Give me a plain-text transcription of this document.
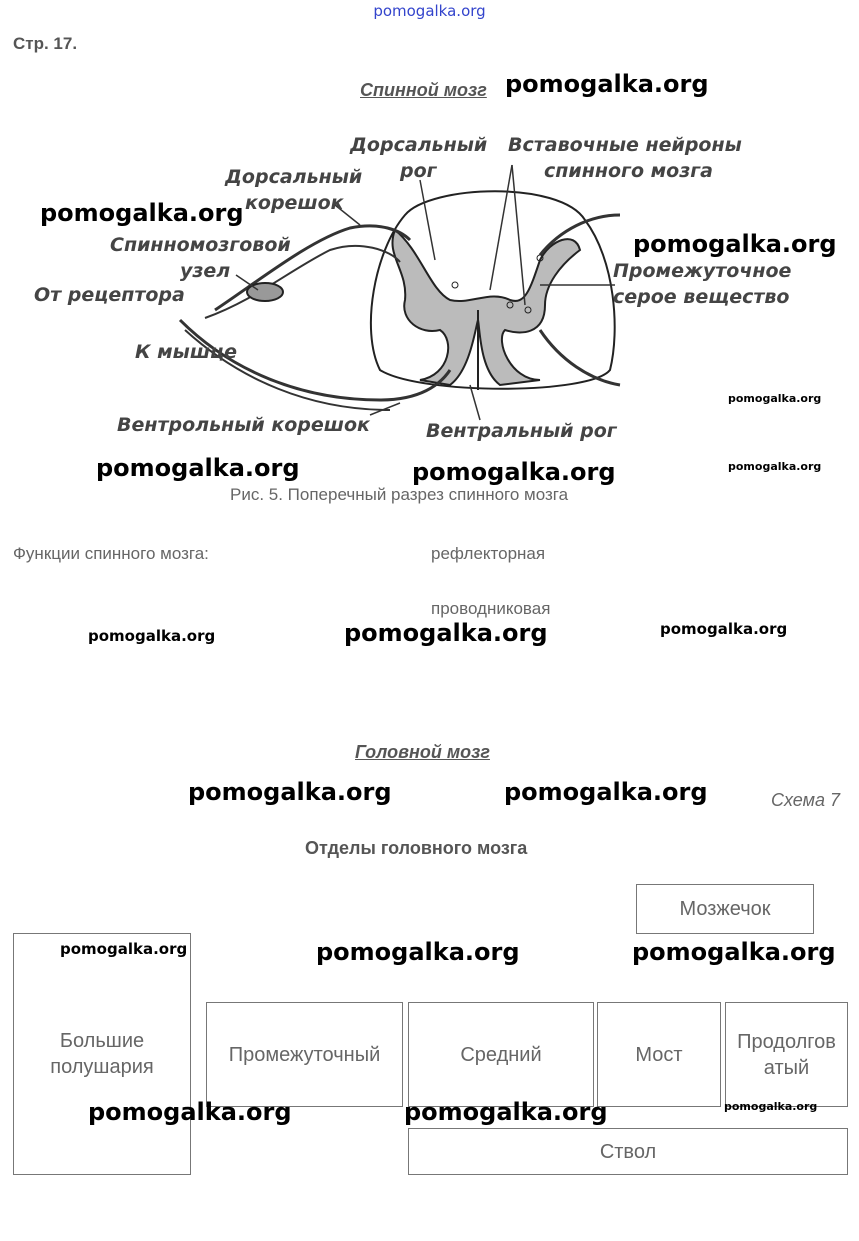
pomogalka.org
Стр. 17.
Спинной мозг
Дорсальный
рог
Вставочные нейроны
спинного мозга
Дорсальный
корешок
Спинномозговой
узел
От рецептора
Промежуточное
серое вещество
К мышце
Вентрольный корешок	Вентральный рог
Рис. 5. Поперечный разрез спинного мозга
Функции спинного мозга:	рефлекторная
проводниковая
Головной мозг
Схема 7
Отделы головного мозга
Мозжечок
Большие полушария
Промежуточный	Средний	Мост
Продолговатый
Ствол
pomogalka.org
pomogalka.org
pomogalka.org
pomogalka.org
pomogalka.org	pomogalka.org	pomogalka.org
pomogalka.org	pomogalka.org	pomogalka.org
pomogalka.org	pomogalka.org
pomogalka.org	pomogalka.org	pomogalka.org
pomogalka.org	pomogalka.org	pomogalka.org
